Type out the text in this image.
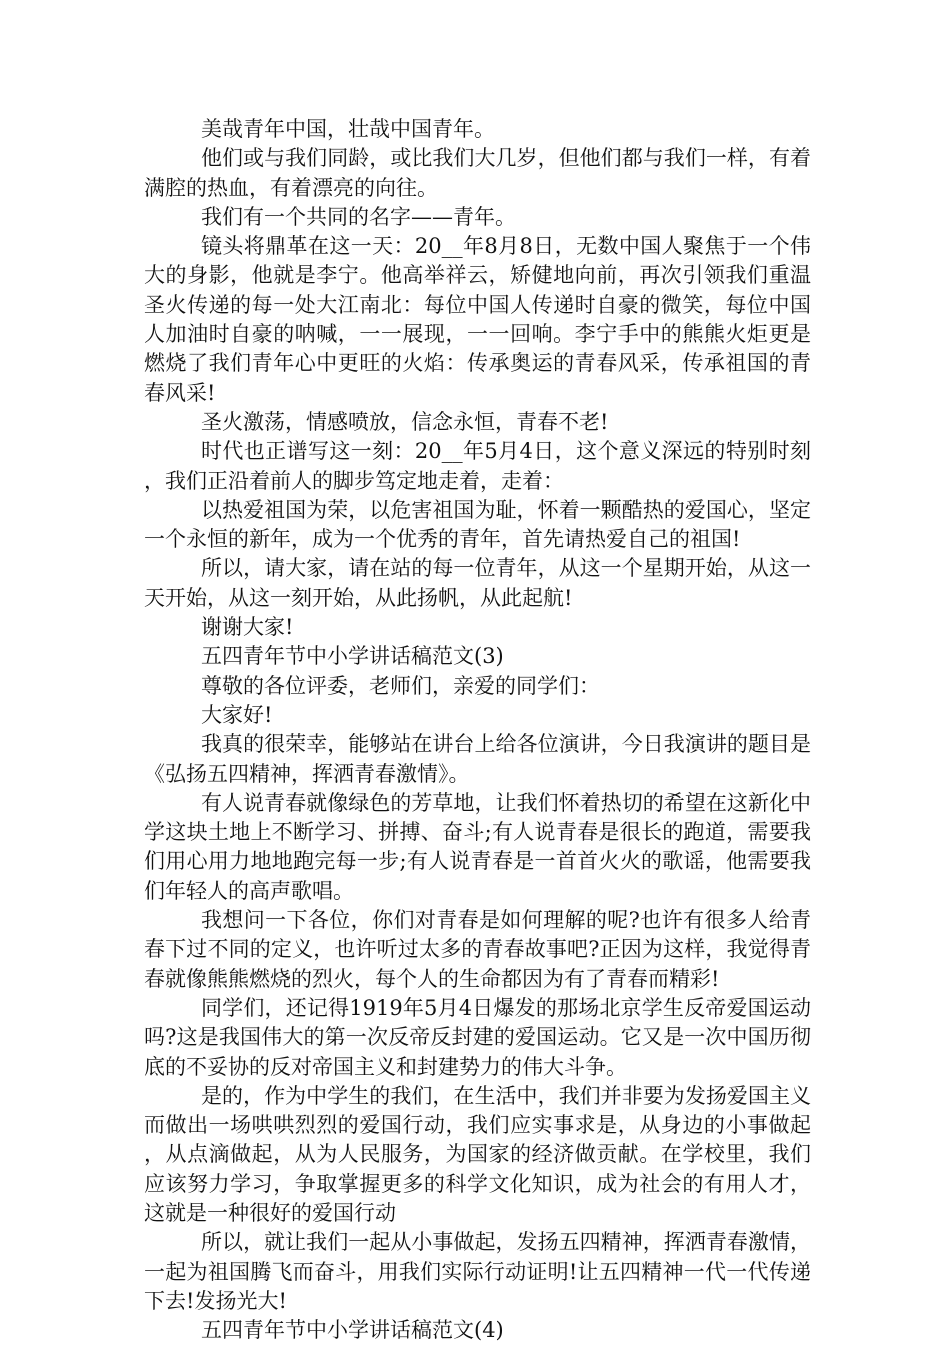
美哉青年中国，壮哉中国青年。

他们或与我们同龄，或比我们大几岁，但他们都与我们一样，有着满腔的热血，有着漂亮的向往。

我们有一个共同的名字——青年。

镜头将鼎革在这一天：20__年8月8日，无数中国人聚焦于一个伟大的身影，他就是李宁。他高举祥云，矫健地向前，再次引领我们重温圣火传递的每一处大江南北：每位中国人传递时自豪的微笑，每位中国人加油时自豪的呐喊，一一展现，一一回响。李宁手中的熊熊火炬更是燃烧了我们青年心中更旺的火焰：传承奥运的青春风采，传承祖国的青春风采!

圣火激荡，情感喷放，信念永恒，青春不老!

时代也正谱写这一刻：20__年5月4日，这个意义深远的特别时刻，我们正沿着前人的脚步笃定地走着，走着：

以热爱祖国为荣，以危害祖国为耻，怀着一颗酷热的爱国心，坚定一个永恒的新年，成为一个优秀的青年，首先请热爱自己的祖国!

所以，请大家，请在站的每一位青年，从这一个星期开始，从这一天开始，从这一刻开始，从此扬帆，从此起航!

谢谢大家!

五四青年节中小学讲话稿范文(3)

尊敬的各位评委，老师们，亲爱的同学们：

大家好!

我真的很荣幸，能够站在讲台上给各位演讲，今日我演讲的题目是《弘扬五四精神，挥洒青春激情》。

有人说青春就像绿色的芳草地，让我们怀着热切的希望在这新化中学这块土地上不断学习、拼搏、奋斗;有人说青春是很长的跑道，需要我们用心用力地地跑完每一步;有人说青春是一首首火火的歌谣，他需要我们年轻人的高声歌唱。

我想问一下各位，你们对青春是如何理解的呢?也许有很多人给青春下过不同的定义，也许听过太多的青春故事吧?正因为这样，我觉得青春就像熊熊燃烧的烈火，每个人的生命都因为有了青春而精彩!

同学们，还记得1919年5月4日爆发的那场北京学生反帝爱国运动吗?这是我国伟大的第一次反帝反封建的爱国运动。它又是一次中国历彻底的不妥协的反对帝国主义和封建势力的伟大斗争。

是的，作为中学生的我们，在生活中，我们并非要为发扬爱国主义而做出一场哄哄烈烈的爱国行动，我们应实事求是，从身边的小事做起，从点滴做起，从为人民服务，为国家的经济做贡献。在学校里，我们应该努力学习，争取掌握更多的科学文化知识，成为社会的有用人才，这就是一种很好的爱国行动

所以，就让我们一起从小事做起，发扬五四精神，挥洒青春激情，一起为祖国腾飞而奋斗，用我们实际行动证明!让五四精神一代一代传递下去!发扬光大!

五四青年节中小学讲话稿范文(4)
